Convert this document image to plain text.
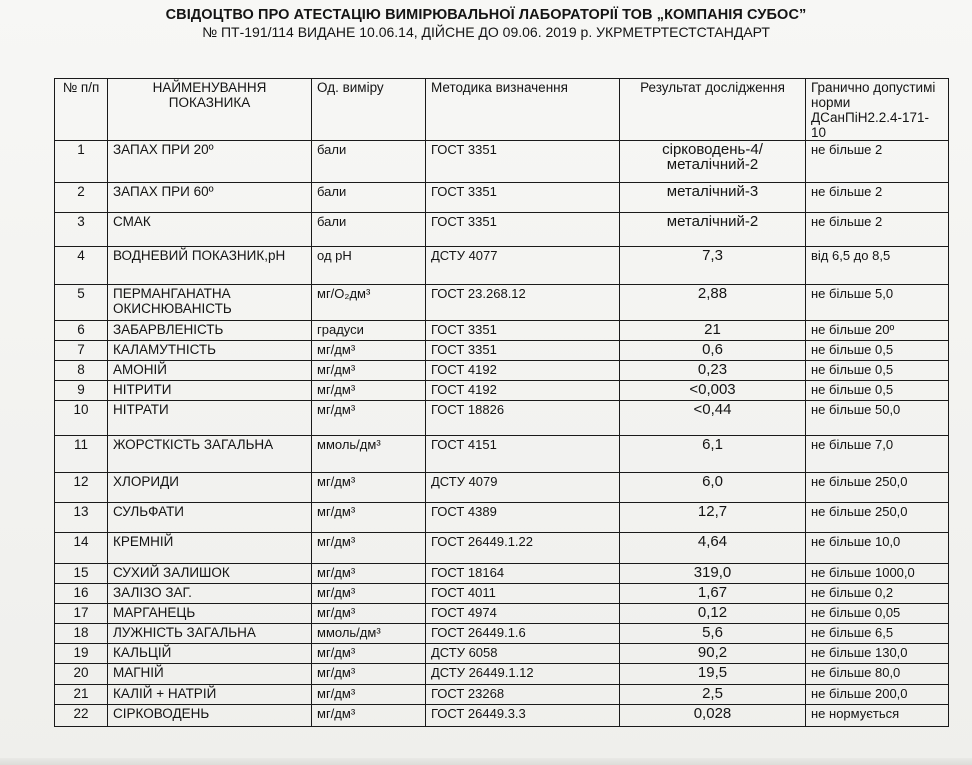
СВІДОЦТВО ПРО АТЕСТАЦІЮ ВИМІРЮВАЛЬНОЇ ЛАБОРАТОРІЇ ТОВ „КОМПАНІЯ СУБОС”
№ ПТ-191/114 ВИДАНЕ 10.06.14, ДІЙСНЕ ДО 09.06. 2019 р. УКРМЕТРТЕСТСТАНДАРТ
№ п/п	НАЙМЕНУВАННЯ ПОКАЗНИКА	Од. виміру	Методика визначення	Результат дослідження	Гранично допустимі норми ДСанПіН2.2.4-171-10
1	ЗАПАХ ПРИ 20º	бали	ГОСТ 3351	сірководень-4/ металічний-2	не більше 2
2	ЗАПАХ ПРИ 60º	бали	ГОСТ 3351	металічний-3	не більше 2
3	СМАК	бали	ГОСТ 3351	металічний-2	не більше 2
4	ВОДНЕВИЙ ПОКАЗНИК,pH	од рН	ДСТУ 4077	7,3	від 6,5 до 8,5
5	ПЕРМАНГАНАТНА ОКИСНЮВАНІСТЬ	мг/О₂дм³	ГОСТ 23.268.12	2,88	не більше 5,0
6	ЗАБАРВЛЕНІСТЬ	градуси	ГОСТ 3351	21	не більше 20º
7	КАЛАМУТНІСТЬ	мг/дм³	ГОСТ 3351	0,6	не більше 0,5
8	АМОНІЙ	мг/дм³	ГОСТ 4192	0,23	не більше 0,5
9	НІТРИТИ	мг/дм³	ГОСТ 4192	<0,003	не більше 0,5
10	НІТРАТИ	мг/дм³	ГОСТ 18826	<0,44	не більше 50,0
11	ЖОРСТКІСТЬ ЗАГАЛЬНА	ммоль/дм³	ГОСТ 4151	6,1	не більше 7,0
12	ХЛОРИДИ	мг/дм³	ДСТУ 4079	6,0	не більше 250,0
13	СУЛЬФАТИ	мг/дм³	ГОСТ 4389	12,7	не більше 250,0
14	КРЕМНІЙ	мг/дм³	ГОСТ 26449.1.22	4,64	не більше 10,0
15	СУХИЙ ЗАЛИШОК	мг/дм³	ГОСТ 18164	319,0	не більше 1000,0
16	ЗАЛІЗО ЗАГ.	мг/дм³	ГОСТ 4011	1,67	не більше 0,2
17	МАРГАНЕЦЬ	мг/дм³	ГОСТ 4974	0,12	не більше 0,05
18	ЛУЖНІСТЬ ЗАГАЛЬНА	ммоль/дм³	ГОСТ 26449.1.6	5,6	не більше 6,5
19	КАЛЬЦІЙ	мг/дм³	ДСТУ 6058	90,2	не більше 130,0
20	МАГНІЙ	мг/дм³	ДСТУ 26449.1.12	19,5	не більше 80,0
21	КАЛІЙ + НАТРІЙ	мг/дм³	ГОСТ 23268	2,5	не більше 200,0
22	СІРКОВОДЕНЬ	мг/дм³	ГОСТ 26449.3.3	0,028	не нормується
